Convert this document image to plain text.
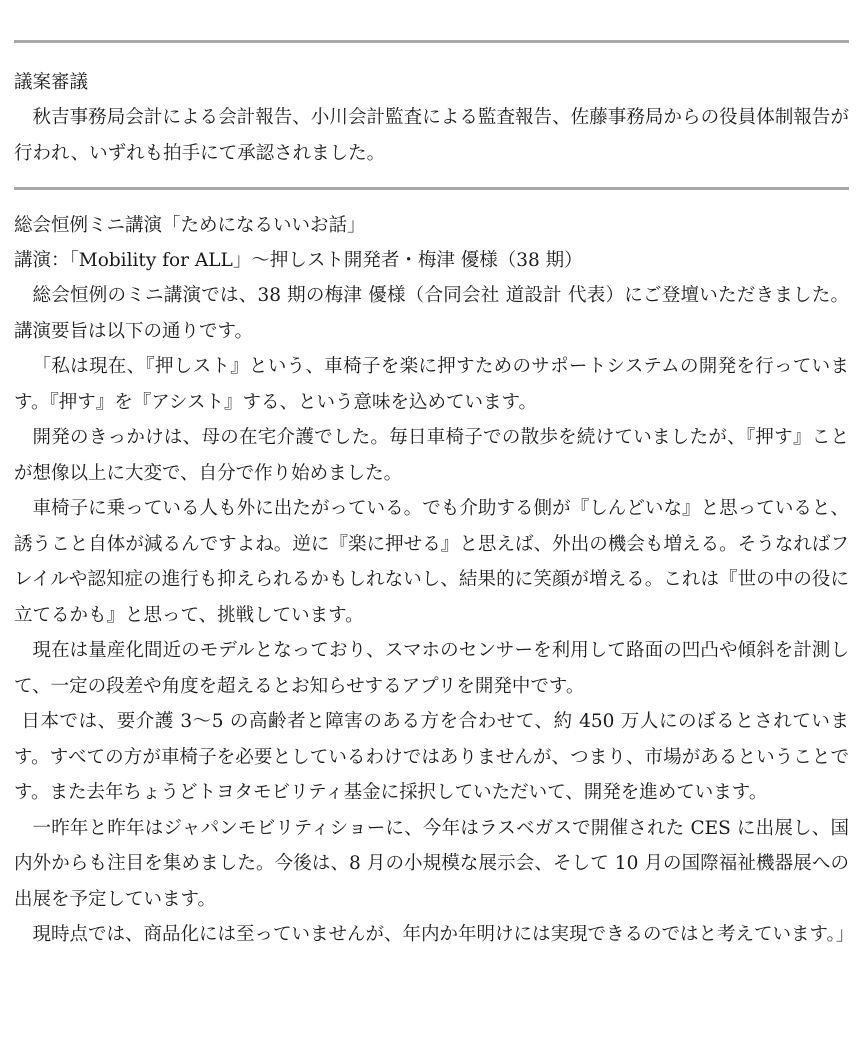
議案審議

秋吉事務局会計による会計報告、小川会計監査による監査報告、佐藤事務局からの役員体制報告が行われ、いずれも拍手にて承認されました。

総会恒例ミニ講演「ためになるいいお話」

講演：「Mobility for ALL」〜押しスト開発者・梅津 優様（38 期）

総会恒例のミニ講演では、38 期の梅津 優様（合同会社 道設計 代表）にご登壇いただきました。講演要旨は以下の通りです。

「私は現在、『押しスト』という、車椅子を楽に押すためのサポートシステムの開発を行っています。『押す』を『アシスト』する、という意味を込めています。

開発のきっかけは、母の在宅介護でした。毎日車椅子での散歩を続けていましたが、『押す』ことが想像以上に大変で、自分で作り始めました。

車椅子に乗っている人も外に出たがっている。でも介助する側が『しんどいな』と思っていると、誘うこと自体が減るんですよね。逆に『楽に押せる』と思えば、外出の機会も増える。そうなればフレイルや認知症の進行も抑えられるかもしれないし、結果的に笑顔が増える。これは『世の中の役に立てるかも』と思って、挑戦しています。

現在は量産化間近のモデルとなっており、スマホのセンサーを利用して路面の凹凸や傾斜を計測して、一定の段差や角度を超えるとお知らせするアプリを開発中です。

日本では、要介護 3〜5 の高齢者と障害のある方を合わせて、約 450 万人にのぼるとされています。すべての方が車椅子を必要としているわけではありませんが、つまり、市場があるということです。また去年ちょうどトヨタモビリティ基金に採択していただいて、開発を進めています。

一昨年と昨年はジャパンモビリティショーに、今年はラスベガスで開催された CES に出展し、国内外からも注目を集めました。今後は、8 月の小規模な展示会、そして 10 月の国際福祉機器展への出展を予定しています。

現時点では、商品化には至っていませんが、年内か年明けには実現できるのではと考えています。」
